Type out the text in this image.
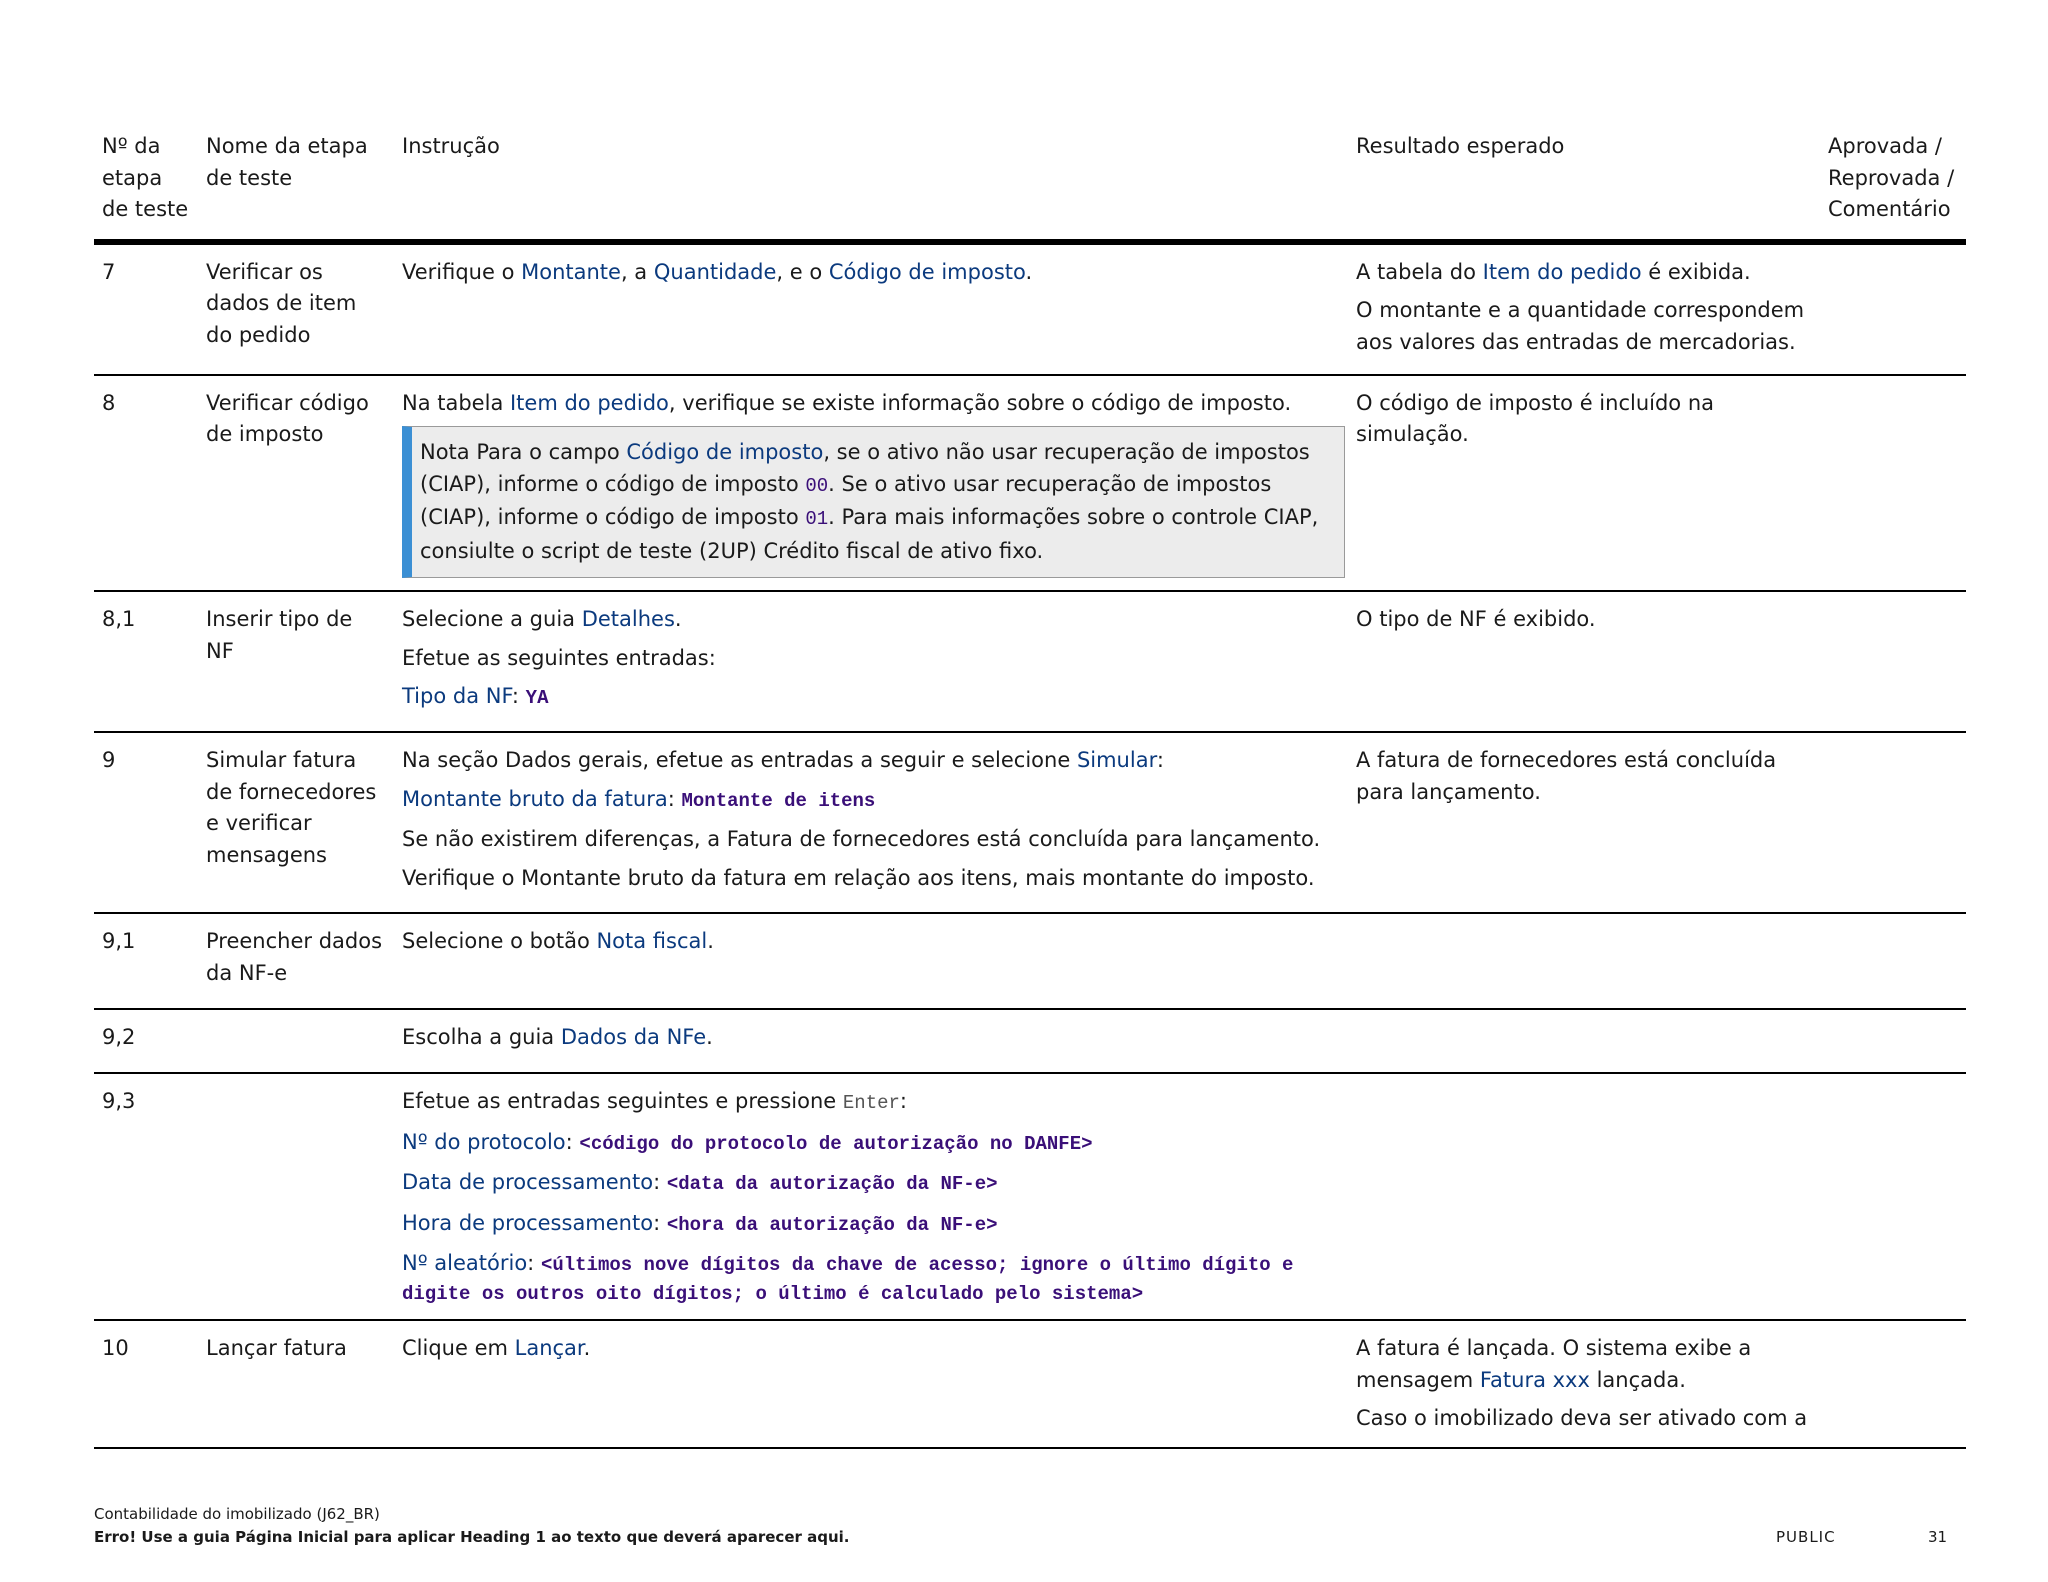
Nº da etapa de teste	Nome da etapa de teste	Instrução	Resultado esperado	Aprovada / Reprovada / Comentário
7	Verificar os dados de item do pedido	Verifique o Montante, a Quantidade, e o Código de imposto.	A tabela do Item do pedido é exibida.

O montante e a quantidade correspondem aos valores das entradas de mercadorias.	

8	Verificar código de imposto	Na tabela Item do pedido, verifique se existe informação sobre o código de imposto.

Nota Para o campo Código de imposto, se o ativo não usar recuperação de impostos (CIAP), informe o código de imposto 00. Se o ativo usar recuperação de impostos (CIAP), informe o código de imposto 01. Para mais informações sobre o controle CIAP, consiulte o script de teste (2UP) Crédito fiscal de ativo fixo.	O código de imposto é incluído na simulação.	
8,1	Inserir tipo de NF	Selecione a guia Detalhes.

Efetue as seguintes entradas:

Tipo da NF: YA	O tipo de NF é exibido.	
9	Simular fatura de fornecedores e verificar mensagens	Na seção Dados gerais, efetue as entradas a seguir e selecione Simular:

Montante bruto da fatura: Montante de itens

Se não existirem diferenças, a Fatura de fornecedores está concluída para lançamento.

Verifique o Montante bruto da fatura em relação aos itens, mais montante do imposto.	A fatura de fornecedores está concluída para lançamento.	
9,1	Preencher dados da NF-e	Selecione o botão Nota fiscal.		

9,2		Escolha a guia Dados da NFe.		

9,3		Efetue as entradas seguintes e pressione Enter:

Nº do protocolo: <código do protocolo de autorização no DANFE>

Data de processamento: <data da autorização da NF-e>

Hora de processamento: <hora da autorização da NF-e>

Nº aleatório: <últimos nove dígitos da chave de acesso; ignore o último dígito e digite os outros oito dígitos; o último é calculado pelo sistema>		

10	Lançar fatura	Clique em Lançar.	A fatura é lançada. O sistema exibe a mensagem Fatura xxx lançada.

Caso o imobilizado deva ser ativado com a	

Contabilidade do imobilizado (J62_BR)
Erro! Use a guia Página Inicial para aplicar Heading 1 ao texto que deverá aparecer aqui.	PUBLIC	31
